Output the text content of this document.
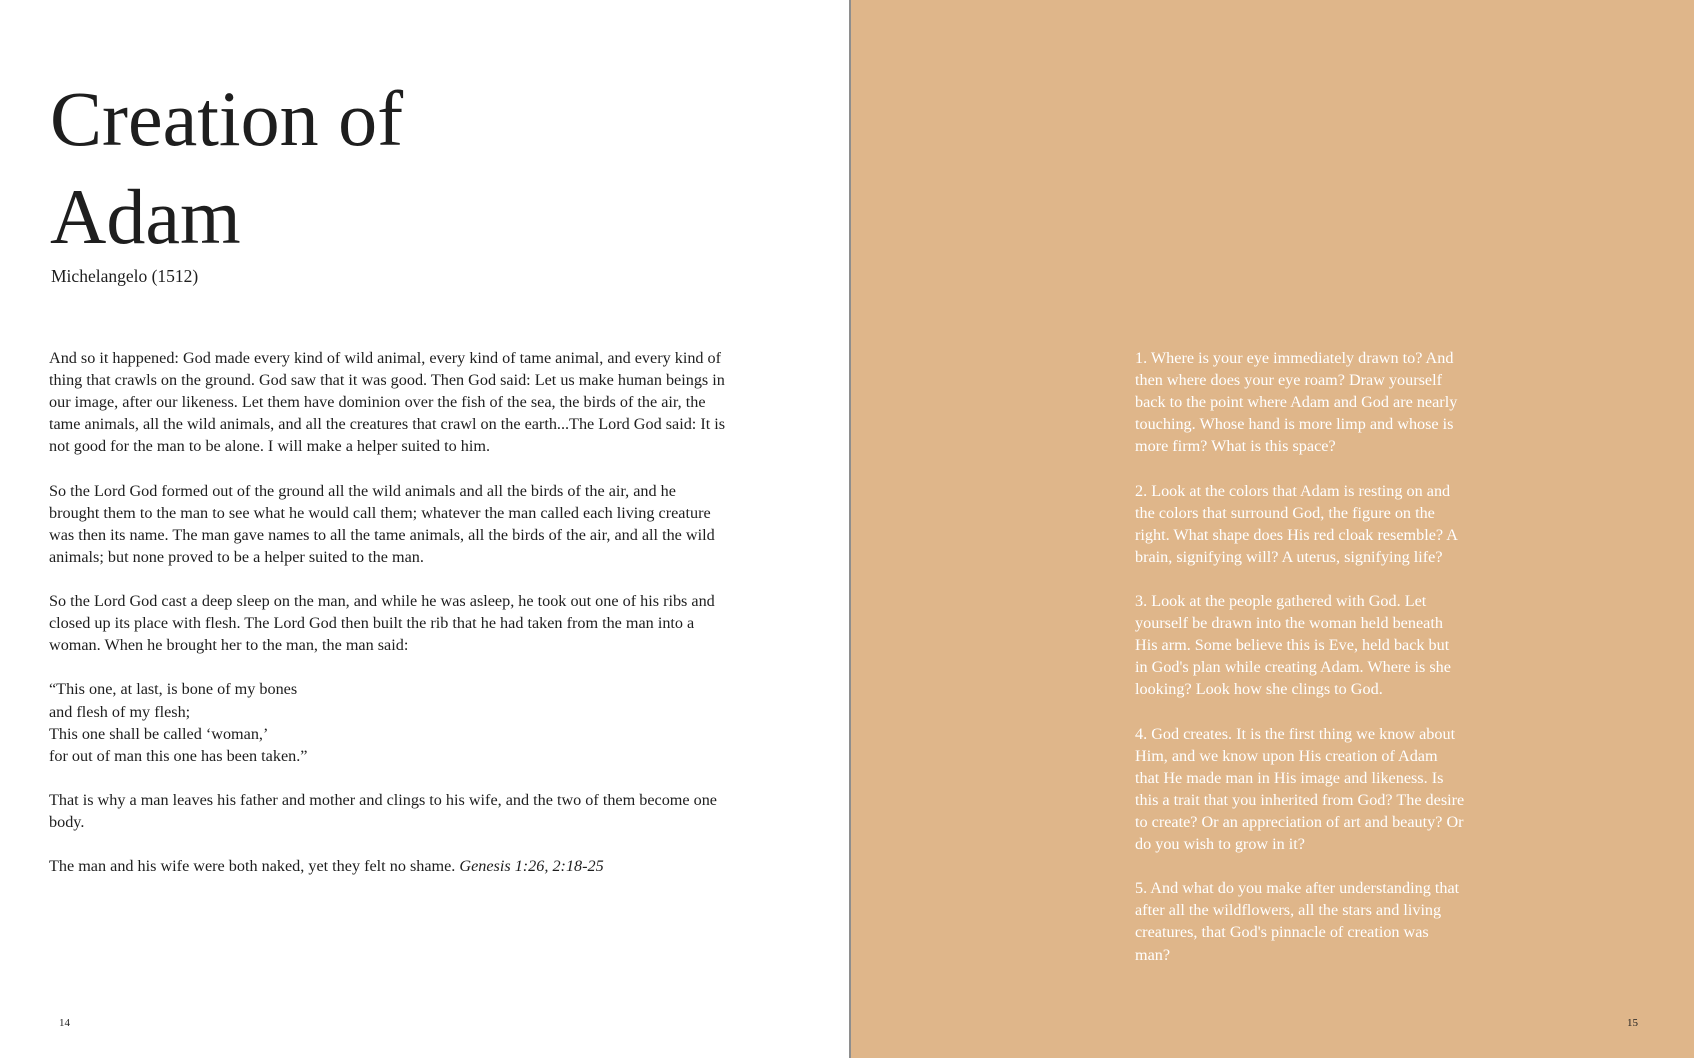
Creation of
Adam
Michelangelo (1512)

And so it happened: God made every kind of wild animal, every kind of tame animal, and every kind of
thing that crawls on the ground. God saw that it was good. Then God said: Let us make human beings in
our image, after our likeness. Let them have dominion over the fish of the sea, the birds of the air, the
tame animals, all the wild animals, and all the creatures that crawl on the earth...The Lord God said: It is
not good for the man to be alone. I will make a helper suited to him.

So the Lord God formed out of the ground all the wild animals and all the birds of the air, and he
brought them to the man to see what he would call them; whatever the man called each living creature
was then its name. The man gave names to all the tame animals, all the birds of the air, and all the wild
animals; but none proved to be a helper suited to the man.

So the Lord God cast a deep sleep on the man, and while he was asleep, he took out one of his ribs and
closed up its place with flesh. The Lord God then built the rib that he had taken from the man into a
woman. When he brought her to the man, the man said:

“This one, at last, is bone of my bones
and flesh of my flesh;
This one shall be called ‘woman,’
for out of man this one has been taken.”

That is why a man leaves his father and mother and clings to his wife, and the two of them become one
body.

The man and his wife were both naked, yet they felt no shame. Genesis 1:26, 2:18-25

14

1. Where is your eye immediately drawn to? And
then where does your eye roam? Draw yourself
back to the point where Adam and God are nearly
touching. Whose hand is more limp and whose is
more firm? What is this space?

2. Look at the colors that Adam is resting on and
the colors that surround God, the figure on the
right. What shape does His red cloak resemble? A
brain, signifying will? A uterus, signifying life?

3. Look at the people gathered with God. Let
yourself be drawn into the woman held beneath
His arm. Some believe this is Eve, held back but
in God's plan while creating Adam. Where is she
looking? Look how she clings to God.

4. God creates. It is the first thing we know about
Him, and we know upon His creation of Adam
that He made man in His image and likeness. Is
this a trait that you inherited from God? The desire
to create? Or an appreciation of art and beauty? Or
do you wish to grow in it?

5. And what do you make after understanding that
after all the wildflowers, all the stars and living
creatures, that God's pinnacle of creation was
man?

15
